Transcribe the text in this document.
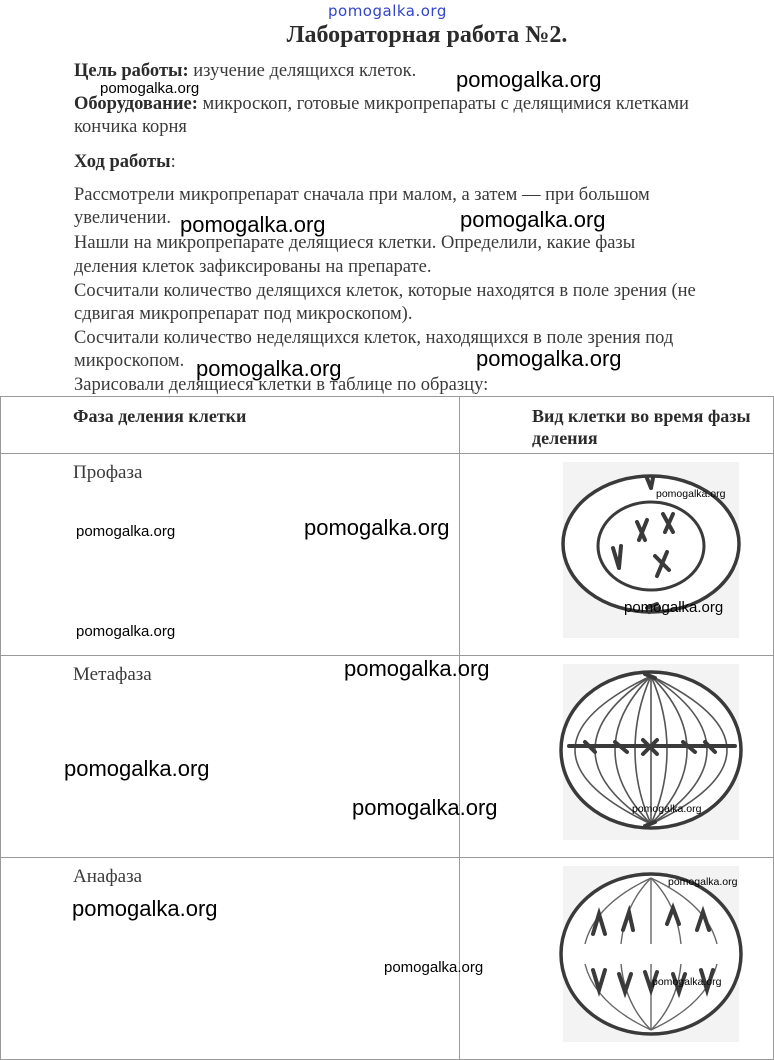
pomogalka.org
Лабораторная работа №2.
Цель работы: изучение делящихся клеток.
Оборудование: микроскоп, готовые микропрепараты с делящимися клетками
кончика корня
Ход работы:
Рассмотрели микропрепарат сначала при малом, а затем — при большом
увеличении.
Нашли на микропрепарате делящиеся клетки. Определили, какие фазы
деления клеток зафиксированы на препарате.
Сосчитали количество делящихся клеток, которые находятся в поле зрения (не
сдвигая микропрепарат под микроскопом).
Сосчитали количество неделящихся клеток, находящихся в поле зрения под
микроскопом.
Зарисовали делящиеся клетки в таблице по образцу:
Фаза деления клетки	Вид клетки во время фазы
деления

Профаза	

Метафаза	

Анафаза	
pomogalka.org	pomogalka.org
pomogalka.org	pomogalka.org
pomogalka.org	pomogalka.org
pomogalka.org	pomogalka.org
pomogalka.org
pomogalka.org
pomogalka.org
pomogalka.org
pomogalka.org
pomogalka.org	pomogalka.org
pomogalka.org
pomogalka.org
pomogalka.org
pomogalka.org
